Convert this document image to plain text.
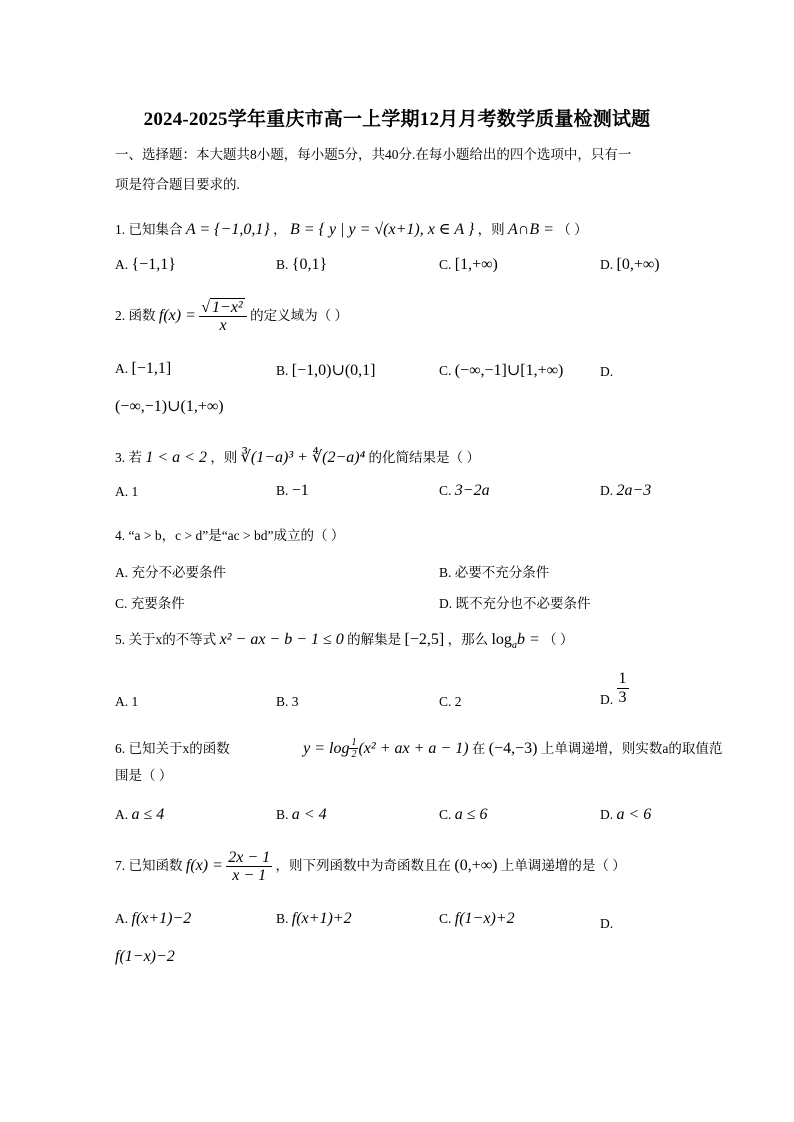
2024-2025学年重庆市高一上学期12月月考数学质量检测试题
一、选择题：本大题共8小题，每小题5分，共40分.在每小题给出的四个选项中，只有一
项是符合题目要求的.
1. 已知集合 A = {−1,0,1} ， B = { y | y = √(x+1), x ∈ A } ，则 A∩B = （ ）
A. {−1,1}	B. {0,1}	C. [1,+∞)	D. [0,+∞)
2. 函数 $f(x) = \frac{\text{√ 1−x²}}{x}$ 的定义域为（ ）
A. [−1,1]	B. [−1,0)∪(0,1]	C. (−∞,−1]∪[1,+∞)	D.
(−∞,−1)∪(1,+∞)
3. 若 1 < a < 2 ，则 ∛(1−a)³ + ∜(2−a)⁴ 的化简结果是（ ）
A. 1	B. −1	C. 3−2a	D. 2a−3
4. “a > b，c > d”是“ac > bd”成立的（ ）
A. 充分不必要条件	B. 必要不充分条件
C. 充要条件	D. 既不充分也不必要条件
5. 关于x的不等式 x² − ax − b − 1 ≤ 0 的解集是 [−2,5] ，那么 $\log_ab$ = （ ）
A. 1	B. 3	C. 2	D. $\frac{1}{3}$
6. 已知关于x的函数	$y = \log \frac{1}{2} (x^2$ + ax + a − 1) 在 (−4,−3) 上单调递增，则实数a的取值范
围是（ ）
A. a ≤ 4	B. a < 4	C. a ≤ 6	D. a < 6
7. 已知函数 $f(x) = \frac{2x - 1}{x - 1}$ ，则下列函数中为奇函数且在 (0,+∞) 上单调递增的是（ ）
A. f(x+1)−2	B. f(x+1)+2	C. f(1−x)+2	D.
f(1−x)−2
